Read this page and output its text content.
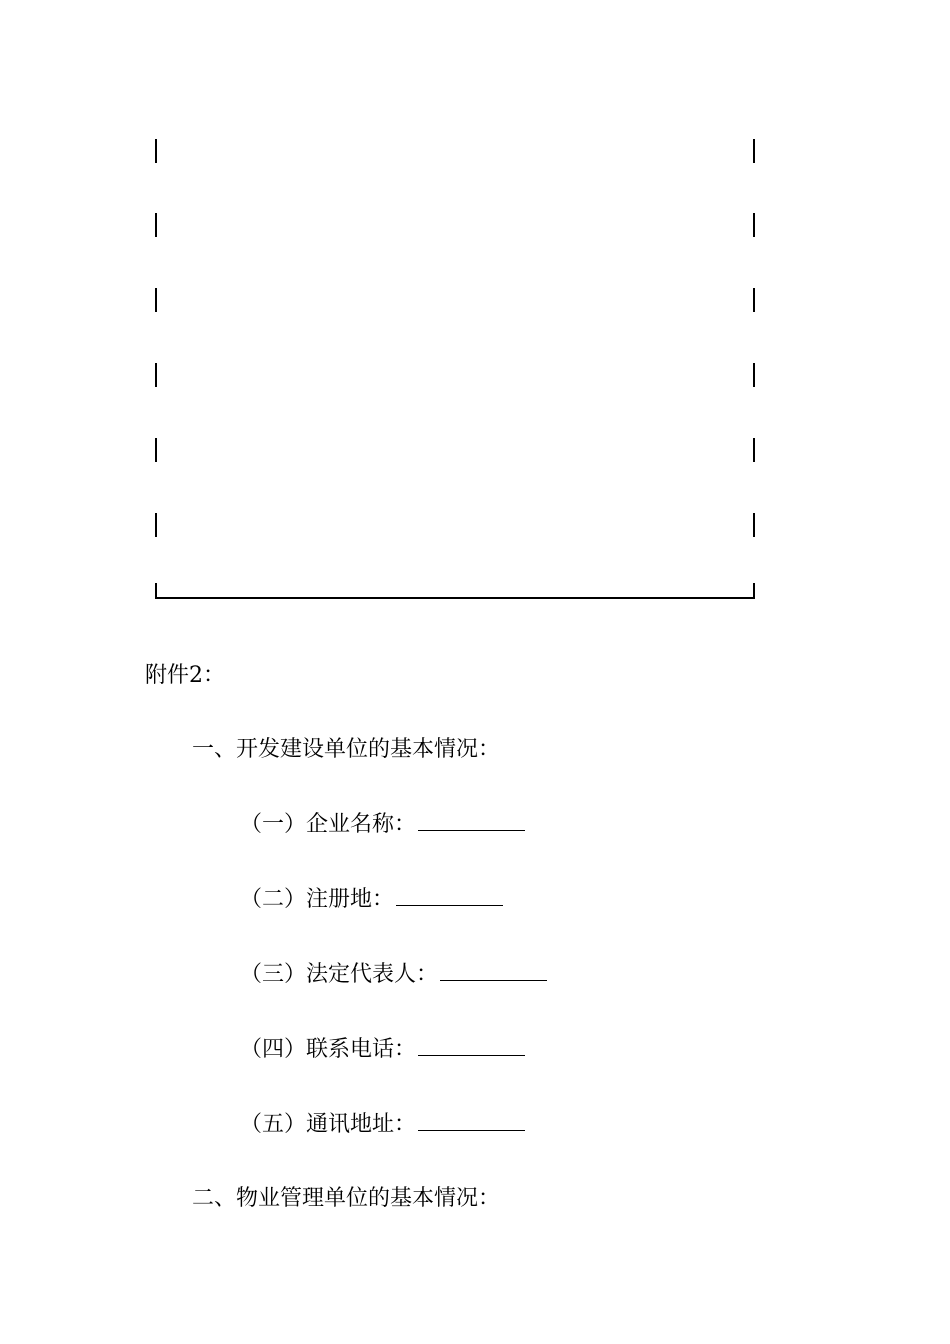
附件2：
一、开发建设单位的基本情况：
（一）企业名称：
（二）注册地：
（三）法定代表人：
（四）联系电话：
（五）通讯地址：
二、物业管理单位的基本情况：
